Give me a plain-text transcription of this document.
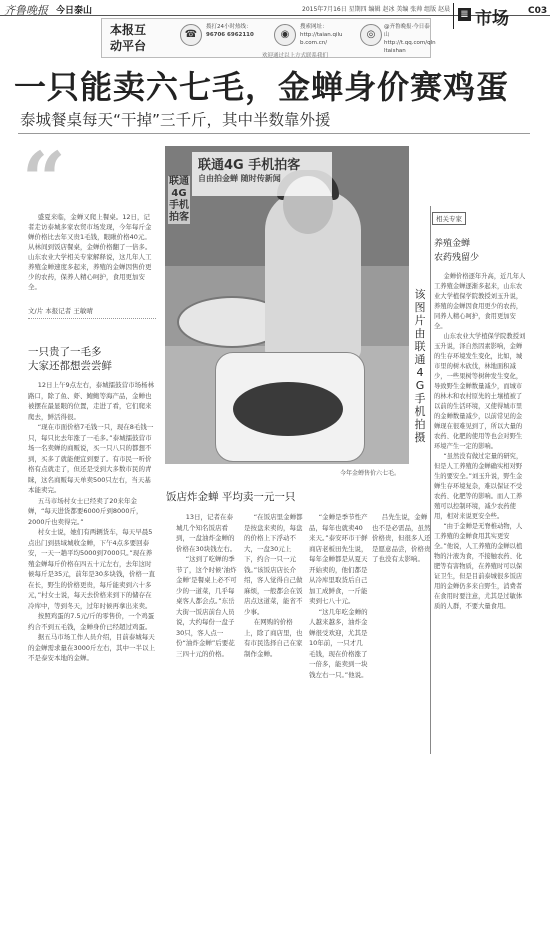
齐鲁晚报 今日泰山	2015年7月16日 星期四 编辑 赵冰 美编 张帅 组版 赵晨 ≣ 市场 C03
本报互
动平台
☎
拨打24小时热线：
96706 6962110	◉
搜索网址：
http://taian.qilu
b.com.cn/
◎
@齐鲁晚报·今日泰山
http://t.qq.com/qln
ltaishan
欢迎通过以上方式联系我们
一只能卖六七毛，金蝉身价赛鸡蛋
泰城餐桌每天“干掉”三千斤，其中半数靠外援
“
盛夏来临，金蝉又爬上餐桌。12日，记者走访泰城多家农贸市场发现，今年每斤金蝉价格比去年又贵1毛钱，眼瞅价格40元。从林间到饭店餐桌，金蝉价格翻了一倍多。山东农业大学相关专家解释说，这几年人工养殖金蝉速度多起来，养殖的金蝉因售价更少的农药，保养人精心呵护，食用更加安全。
文/片 本报记者 王敏晴
一只贵了一毛多
大家还都想尝尝鲜

12日上午9点左右，泰城擂鼓营市场杨林路口，除了鱼、虾、鲍鲍等海产品，金蝉也被摆在最显眼的位置，走进了看，它们爬来爬去，鲜活得很。

“现在市面价格7毛钱一只，现在8毛钱一只，每只比去年涨了一毛多。”泰城擂鼓营市场一名卖蝉的商贩说，买一只八只的都想不到，买多了就能便宜到要了。有市民一听价格有点就走了，但还是受到大多数市民的青睐，这名商贩每天单卖500只左右，当天基本能卖完。

五马市场村女士已经卖了20来年金蝉，“每天进货都要6000斤到8000斤，2000斤也卖得完。”

村女士说，她们有两辆货车，每天早晨5点出门到县域城收金蝉，下午4点多要回泰安，一天一趟平均5000到7000只。”现在养殖金蝉每斤价格在四五十元左右，去年这时候每斤是35元，前年是30多块钱，价格一直在长，野生的价格更贵，每斤能卖到六十多元，”村女士说，每天去价格来到下的储存在冷库中，等到冬天，过年时候再拿出来卖。

按照鸡蛋的7.5元/斤的零售价，一个鸡蛋约合不到五毛钱，金蝉身价已经超过鸡蛋。

据五马市场工作人员介绍，目前泰城每天的金蝉需求量在3000斤左右，其中一半以上不是泰安本地的金蝉。

联通4G 手机拍客
自由拍金蝉 随时传新闻
联通4G手机拍客
该图片由联通4G手机拍摄
今年金蝉售价六七毛。
饭店炸金蝉 平均卖一元一只

13日，记者在泰城几个知名饭店看到，一盘油炸金蝉的价格在30块钱左右。

“这到了吃蝉的季节了，这个时候‘油炸金蝉’是餐桌上必不可少的一道菜，几乎每桌客人都会点。”东岳大街一饭店前台人员说，大约每份一盘子30只，客人点一份“油炸金蝉”后要花三四十元的价格。

“在饭店里金蝉都是按盘来卖的，每盘的价格上下浮动不大，一盘30元上下，约合一只一元钱。”该饭店店长介绍，客人觉得自己做麻烦，一般都会在饭店点这道菜，能省不少事。

在网购的价格上，除了商店里，也有市民选择自己在家制作金蝉。

“金蝉是季节性产品，每年也就卖40来天。”泰安环市干鲜商店老板田先生说，每年金蝉都是从夏天开始卖的，他们都是从冷库里取货后自己加工成鲜食，一斤能卖到七八十元。

“这几年吃金蝉的人越来越多，油炸金蝉很受欢迎，尤其是10年前，一只才几毛钱，现在价格涨了一倍多，能卖到一块钱左右一只。”他说。

吕先生说，金蝉也不是必需品，虽然价格贵，但很多人还是愿意品尝，价格贵了也没有太影响。

相关专家
养殖金蝉
农药残留少

金蝉价格逐年升高，近几年人工养殖金蝉逐渐多起来，山东农业大学植保学院教授刘玉升说，养殖的金蝉因食用更少的农药，同养人精心呵护，食用更加安全。

山东农业大学植保学院教授刘玉升说，泽自然因素影响，金蝉的生存环境发生变化，比如，城市里的树木砍伐，林地面积减少，一些果树等树种发生变化，导致野生金蝉数量减少，而城市的林木和农村原先的土壤植被了以前的生活环境，又使得城市里的金蝉数量减少，以前常见的金蝉现在很难见到了，所以大量的农药、化肥的使用等也会对野生环境产生一定的影响。

“虽然没有做过定量的研究，但是人工养殖的金蝉确实相对野生的要安全。”刘玉升说，野生金蝉生存环境复杂，难以保证不受农药、化肥等的影响。而人工养殖可以控制环境，减少农药使用，相对来说更安全些。

“由于金蝉是无脊椎动物，人工养殖的金蝉食用其实更安全。”他说，人工养殖的金蝉以植物的汁液为食，不接触农药、化肥等有害物质，在养殖时可以保证卫生，但是目前泰城很多饭店用的金蝉仍多来自野生，消费者在食用时要注意，尤其是过敏体质的人群，不要大量食用。
